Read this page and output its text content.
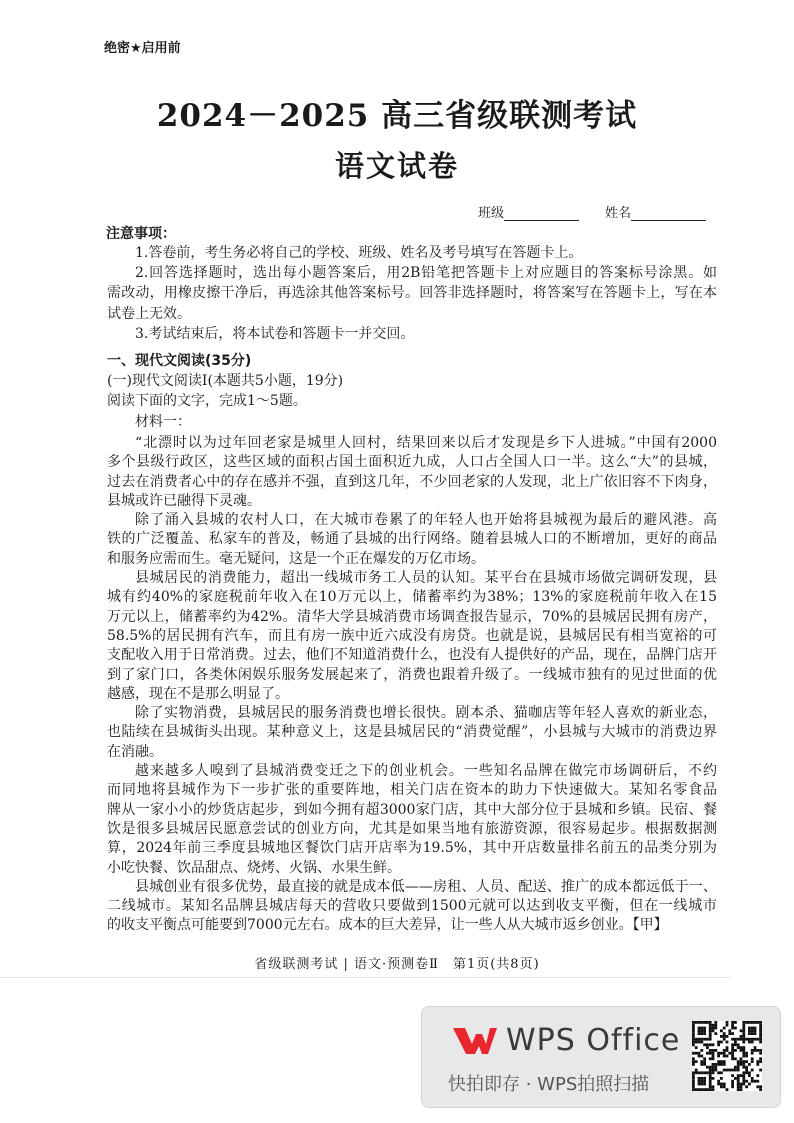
绝密★启用前
2024－2025 高三省级联测考试
语文试卷
班级	姓名
注意事项：
1.答卷前，考生务必将自己的学校、班级、姓名及考号填写在答题卡上。
2.回答选择题时，选出每小题答案后，用2B铅笔把答题卡上对应题目的答案标号涂黑。如
需改动，用橡皮擦干净后，再选涂其他答案标号。回答非选择题时，将答案写在答题卡上，写在本
试卷上无效。
3.考试结束后，将本试卷和答题卡一并交回。
一、现代文阅读(35分)
(一)现代文阅读Ⅰ(本题共5小题，19分)
阅读下面的文字，完成1～5题。
材料一：
“北漂时以为过年回老家是城里人回村，结果回来以后才发现是乡下人进城。”中国有2000
多个县级行政区，这些区域的面积占国土面积近九成，人口占全国人口一半。这么“大”的县城，
过去在消费者心中的存在感并不强，直到这几年，不少回老家的人发现，北上广依旧容不下肉身，
县城或许已融得下灵魂。
除了涌入县城的农村人口，在大城市卷累了的年轻人也开始将县城视为最后的避风港。高
铁的广泛覆盖、私家车的普及，畅通了县城的出行网络。随着县城人口的不断增加，更好的商品
和服务应需而生。毫无疑问，这是一个正在爆发的万亿市场。
县城居民的消费能力，超出一线城市务工人员的认知。某平台在县城市场做完调研发现，县
城有约40%的家庭税前年收入在10万元以上，储蓄率约为38%；13%的家庭税前年收入在15
万元以上，储蓄率约为42%。清华大学县城消费市场调查报告显示，70%的县城居民拥有房产，
58.5%的居民拥有汽车，而且有房一族中近六成没有房贷。也就是说，县城居民有相当宽裕的可
支配收入用于日常消费。过去，他们不知道消费什么，也没有人提供好的产品，现在，品牌门店开
到了家门口，各类休闲娱乐服务发展起来了，消费也跟着升级了。一线城市独有的见过世面的优
越感，现在不是那么明显了。
除了实物消费，县城居民的服务消费也增长很快。剧本杀、猫咖店等年轻人喜欢的新业态，
也陆续在县城街头出现。某种意义上，这是县城居民的“消费觉醒”，小县城与大城市的消费边界
在消融。
越来越多人嗅到了县城消费变迁之下的创业机会。一些知名品牌在做完市场调研后，不约
而同地将县城作为下一步扩张的重要阵地，相关门店在资本的助力下快速做大。某知名零食品
牌从一家小小的炒货店起步，到如今拥有超3000家门店，其中大部分位于县城和乡镇。民宿、餐
饮是很多县城居民愿意尝试的创业方向，尤其是如果当地有旅游资源，很容易起步。根据数据测
算，2024年前三季度县城地区餐饮门店开店率为19.5%，其中开店数量排名前五的品类分别为
小吃快餐、饮品甜点、烧烤、火锅、水果生鲜。
县城创业有很多优势，最直接的就是成本低——房租、人员、配送、推广的成本都远低于一、
二线城市。某知名品牌县城店每天的营收只要做到1500元就可以达到收支平衡，但在一线城市
的收支平衡点可能要到7000元左右。成本的巨大差异，让一些人从大城市返乡创业。【甲】
省级联测考试 | 语文·预测卷Ⅱ　第1页(共8页)
WPS Office
快拍即存 · WPS拍照扫描
